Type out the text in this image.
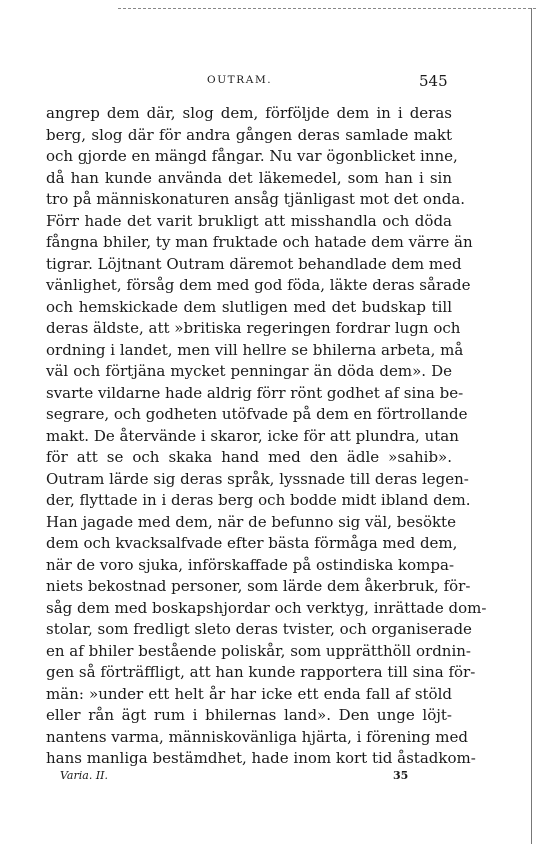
OUTRAM.	545
angrep dem där, slog dem, förföljde dem in i deras
berg, slog där för andra gången deras samlade makt
och gjorde en mängd fångar. Nu var ögonblicket inne,
då han kunde använda det läkemedel, som han i sin
tro på människonaturen ansåg tjänligast mot det onda.
Förr hade det varit brukligt att misshandla och döda
fångna bhiler, ty man fruktade och hatade dem värre än
tigrar. Löjtnant Outram däremot behandlade dem med
vänlighet, försåg dem med god föda, läkte deras sårade
och hemskickade dem slutligen med det budskap till
deras äldste, att »britiska regeringen fordrar lugn och
ordning i landet, men vill hellre se bhilerna arbeta, må
väl och förtjäna mycket penningar än döda dem». De
svarte vildarne hade aldrig förr rönt godhet af sina be-
segrare, och godheten utöfvade på dem en förtrollande
makt. De återvände i skaror, icke för att plundra, utan
för att se och skaka hand med den ädle »sahib».
Outram lärde sig deras språk, lyssnade till deras legen-
der, flyttade in i deras berg och bodde midt ibland dem.
Han jagade med dem, när de befunno sig väl, besökte
dem och kvacksalfvade efter bästa förmåga med dem,
när de voro sjuka, införskaffade på ostindiska kompa-
niets bekostnad personer, som lärde dem åkerbruk, för-
såg dem med boskapshjordar och verktyg, inrättade dom-
stolar, som fredligt sleto deras tvister, och organiserade
en af bhiler bestående poliskår, som upprätthöll ordnin-
gen så förträffligt, att han kunde rapportera till sina för-
män: »under ett helt år har icke ett enda fall af stöld
eller rån ägt rum i bhilernas land». Den unge löjt-
nantens varma, människovänliga hjärta, i förening med
hans manliga bestämdhet, hade inom kort tid åstadkom-
Varia. II.	35
